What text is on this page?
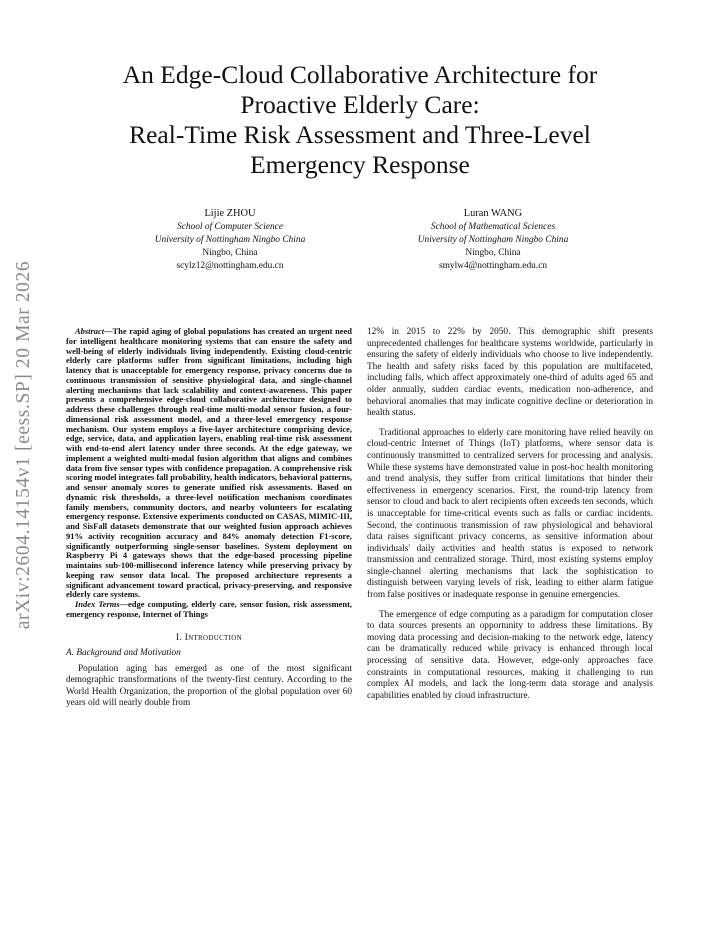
arXiv:2604.14154v1 [eess.SP] 20 Mar 2026
An Edge-Cloud Collaborative Architecture for
Proactive Elderly Care:
Real-Time Risk Assessment and Three-Level
Emergency Response
Lijie ZHOU
School of Computer Science
University of Nottingham Ningbo China
Ningbo, China
scylz12@nottingham.edu.cn
Luran WANG
School of Mathematical Sciences
University of Nottingham Ningbo China
Ningbo, China
smylw4@nottingham.edu.cn

Abstract—The rapid aging of global populations has created an urgent need for intelligent healthcare monitoring systems that can ensure the safety and well-being of elderly individuals living independently. Existing cloud-centric elderly care platforms suffer from significant limitations, including high latency that is unacceptable for emergency response, privacy concerns due to continuous transmission of sensitive physiological data, and single-channel alerting mechanisms that lack scalability and context-awareness. This paper presents a comprehensive edge-cloud collaborative architecture designed to address these challenges through real-time multi-modal sensor fusion, a four-dimensional risk assessment model, and a three-level emergency response mechanism. Our system employs a five-layer architecture comprising device, edge, service, data, and application layers, enabling real-time risk assessment with end-to-end alert latency under three seconds. At the edge gateway, we implement a weighted multi-modal fusion algorithm that aligns and combines data from five sensor types with confidence propagation. A comprehensive risk scoring model integrates fall probability, health indicators, behavioral patterns, and sensor anomaly scores to generate unified risk assessments. Based on dynamic risk thresholds, a three-level notification mechanism coordinates family members, community doctors, and nearby volunteers for escalating emergency response. Extensive experiments conducted on CASAS, MIMIC-III, and SisFall datasets demonstrate that our weighted fusion approach achieves 91% activity recognition accuracy and 84% anomaly detection F1-score, significantly outperforming single-sensor baselines. System deployment on Raspberry Pi 4 gateways shows that the edge-based processing pipeline maintains sub-100-millisecond inference latency while preserving privacy by keeping raw sensor data local. The proposed architecture represents a significant advancement toward practical, privacy-preserving, and responsive elderly care systems.

Index Terms—edge computing, elderly care, sensor fusion, risk assessment, emergency response, Internet of Things

I. Introduction
A. Background and Motivation

Population aging has emerged as one of the most significant demographic transformations of the twenty-first century. According to the World Health Organization, the proportion of the global population over 60 years old will nearly double from

12% in 2015 to 22% by 2050. This demographic shift presents unprecedented challenges for healthcare systems worldwide, particularly in ensuring the safety of elderly individuals who choose to live independently. The health and safety risks faced by this population are multifaceted, including falls, which affect approximately one-third of adults aged 65 and older annually, sudden cardiac events, medication non-adherence, and behavioral anomalies that may indicate cognitive decline or deterioration in health status.

Traditional approaches to elderly care monitoring have relied heavily on cloud-centric Internet of Things (IoT) platforms, where sensor data is continuously transmitted to centralized servers for processing and analysis. While these systems have demonstrated value in post-hoc health monitoring and trend analysis, they suffer from critical limitations that hinder their effectiveness in emergency scenarios. First, the round-trip latency from sensor to cloud and back to alert recipients often exceeds ten seconds, which is unacceptable for time-critical events such as falls or cardiac incidents. Second, the continuous transmission of raw physiological and behavioral data raises significant privacy concerns, as sensitive information about individuals' daily activities and health status is exposed to network transmission and centralized storage. Third, most existing systems employ single-channel alerting mechanisms that lack the sophistication to distinguish between varying levels of risk, leading to either alarm fatigue from false positives or inadequate response in genuine emergencies.

The emergence of edge computing as a paradigm for computation closer to data sources presents an opportunity to address these limitations. By moving data processing and decision-making to the network edge, latency can be dramatically reduced while privacy is enhanced through local processing of sensitive data. However, edge-only approaches face constraints in computational resources, making it challenging to run complex AI models, and lack the long-term data storage and analysis capabilities enabled by cloud infrastructure.
